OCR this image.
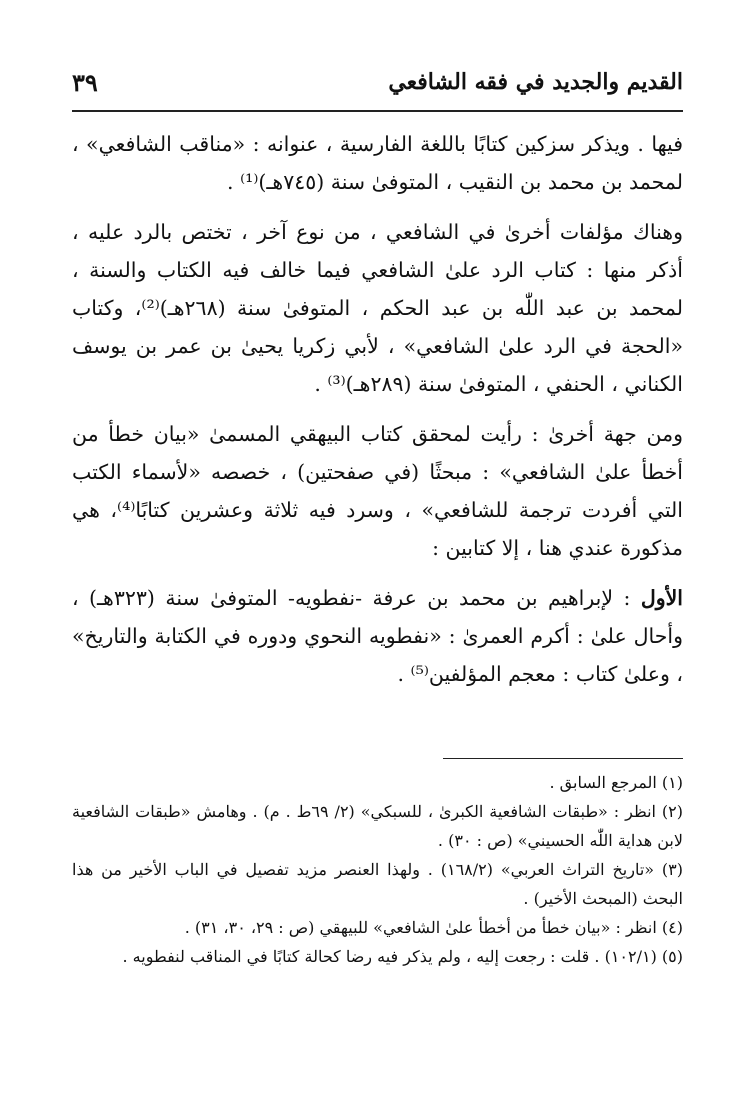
القديم والجديد في فقه الشافعي
٣٩

فيها . ويذكر سزكين كتابًا باللغة الفارسية ، عنوانه : «مناقب الشافعي» ، لمحمد بن محمد بن النقيب ، المتوفىٰ سنة (٧٤٥هـ)⁽¹⁾ .

وهناك مؤلفات أخرىٰ في الشافعي ، من نوع آخر ، تختص بالرد عليه ، أذكر منها : كتاب الرد علىٰ الشافعي فيما خالف فيه الكتاب والسنة ، لمحمد بن عبد اللّٰه بن عبد الحكم ، المتوفىٰ سنة (٢٦٨هـ)⁽²⁾، وكتاب «الحجة في الرد علىٰ الشافعي» ، لأبي زكريا يحيىٰ بن عمر بن يوسف الكناني ، الحنفي ، المتوفىٰ سنة (٢٨٩هـ)⁽³⁾ .

ومن جهة أخرىٰ : رأيت لمحقق كتاب البيهقي المسمىٰ «بيان خطأ من أخطأ علىٰ الشافعي» : مبحثًا (في صفحتين) ، خصصه «لأسماء الكتب التي أفردت ترجمة للشافعي» ، وسرد فيه ثلاثة وعشرين كتابًا⁽⁴⁾، هي مذكورة عندي هنا ، إلا كتابين :

الأول : لإبراهيم بن محمد بن عرفة -نفطويه- المتوفىٰ سنة (٣٢٣هـ) ، وأحال علىٰ : أكرم العمرىٰ : «نفطويه النحوي ودوره في الكتابة والتاريخ» ، وعلىٰ كتاب : معجم المؤلفين⁽⁵⁾ .

(١) المرجع السابق .

(٢) انظر : «طبقات الشافعية الكبرىٰ ، للسبكي» (٢/ ٦٩ط . م) . وهامش «طبقات الشافعية لابن هداية اللّٰه الحسيني» (ص : ٣٠) .

(٣) «تاريخ التراث العربي» (١٦٨/٢) . ولهذا العنصر مزيد تفصيل في الباب الأخير من هذا البحث (المبحث الأخير) .

(٤) انظر : «بيان خطأ من أخطأ علىٰ الشافعي» للبيهقي (ص : ٢٩، ٣٠، ٣١) .

(٥) (١٠٢/١) . قلت : رجعت إليه ، ولم يذكر فيه رضا كحالة كتابًا في المناقب لنفطويه .
